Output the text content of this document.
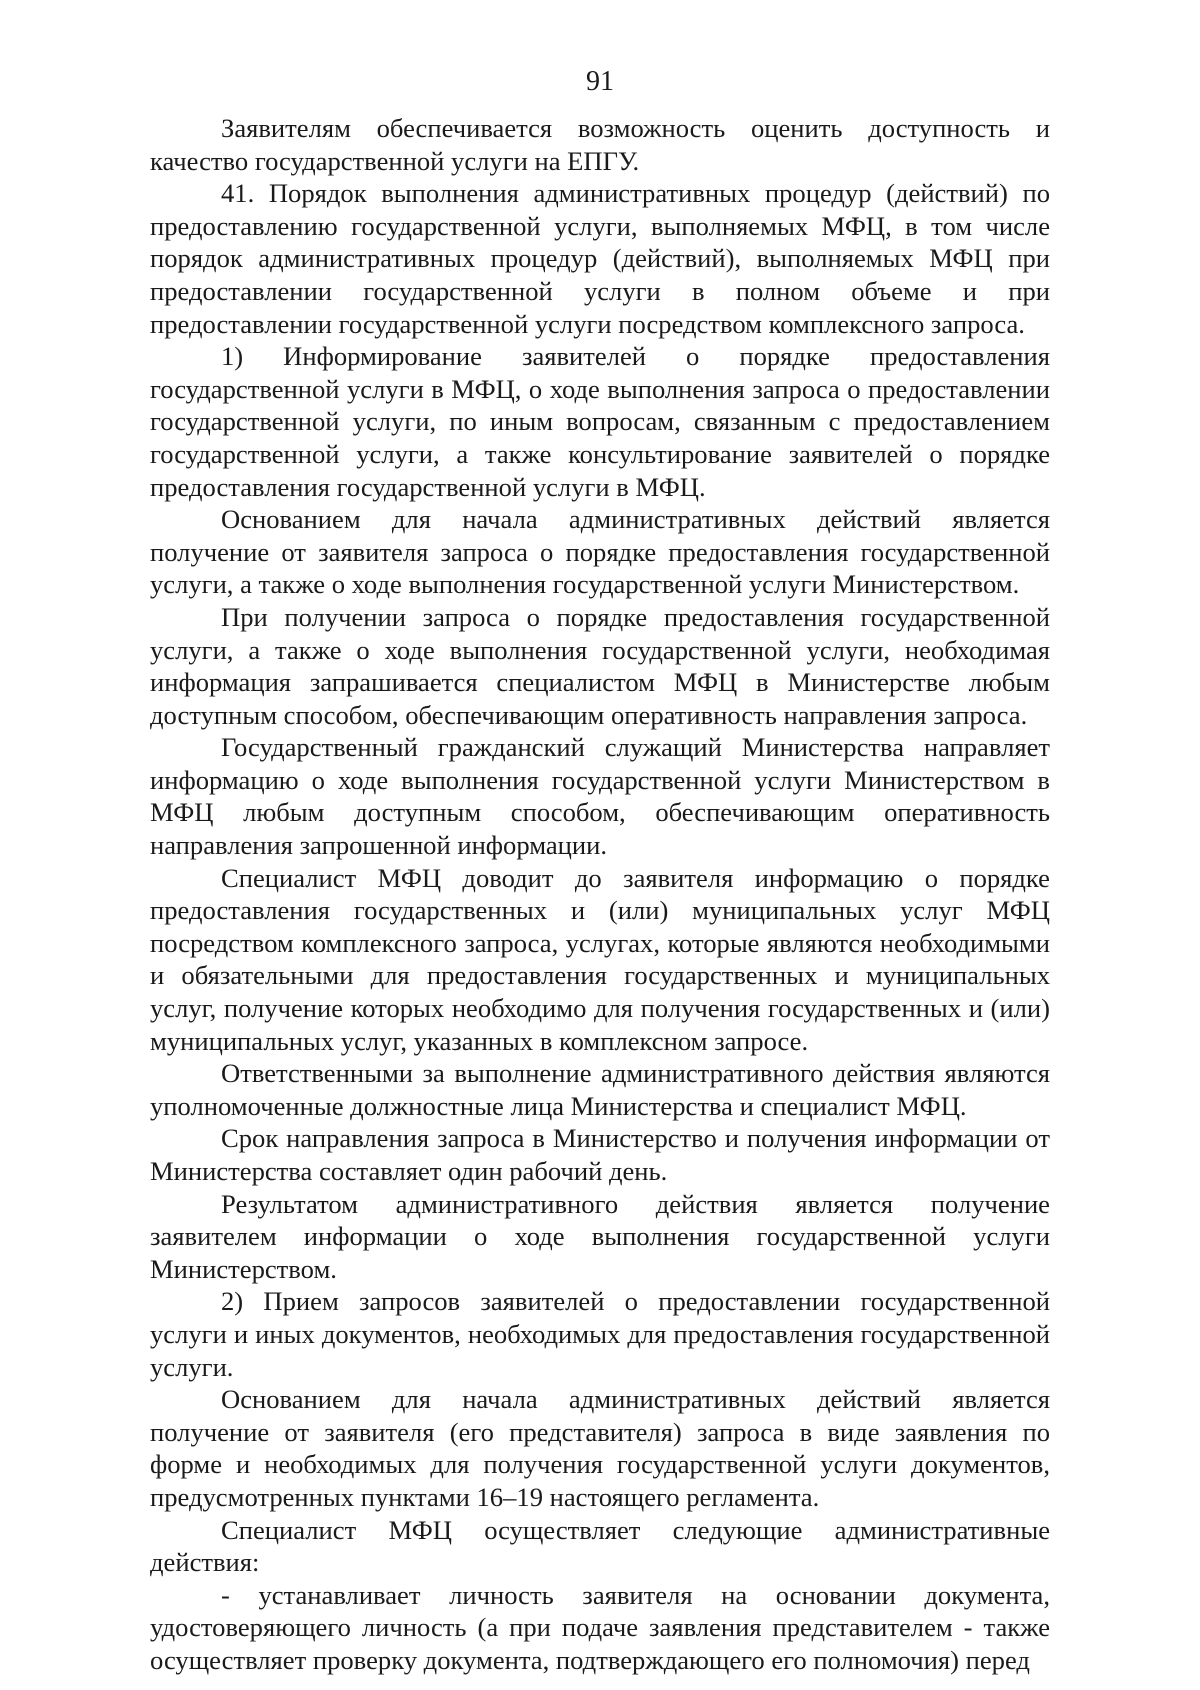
91

Заявителям обеспечивается возможность оценить доступность и качество государственной услуги на ЕПГУ.

41. Порядок выполнения административных процедур (действий) по предоставлению государственной услуги, выполняемых МФЦ, в том числе порядок административных процедур (действий), выполняемых МФЦ при предоставлении государственной услуги в полном объеме и при предоставлении государственной услуги посредством комплексного запроса.

1) Информирование заявителей о порядке предоставления государственной услуги в МФЦ, о ходе выполнения запроса о предоставлении государственной услуги, по иным вопросам, связанным с предоставлением государственной услуги, а также консультирование заявителей о порядке предоставления государственной услуги в МФЦ.

Основанием для начала административных действий является получение от заявителя запроса о порядке предоставления государственной услуги, а также о ходе выполнения государственной услуги Министерством.

При получении запроса о порядке предоставления государственной услуги, а также о ходе выполнения государственной услуги, необходимая информация запрашивается специалистом МФЦ в Министерстве любым доступным способом, обеспечивающим оперативность направления запроса.

Государственный гражданский служащий Министерства направляет информацию о ходе выполнения государственной услуги Министерством в МФЦ любым доступным способом, обеспечивающим оперативность направления запрошенной информации.

Специалист МФЦ доводит до заявителя информацию о порядке предоставления государственных и (или) муниципальных услуг МФЦ посредством комплексного запроса, услугах, которые являются необходимыми и обязательными для предоставления государственных и муниципальных услуг, получение которых необходимо для получения государственных и (или) муниципальных услуг, указанных в комплексном запросе.

Ответственными за выполнение административного действия являются уполномоченные должностные лица Министерства и специалист МФЦ.

Срок направления запроса в Министерство и получения информации от Министерства составляет один рабочий день.

Результатом административного действия является получение заявителем информации о ходе выполнения государственной услуги Министерством.

2) Прием запросов заявителей о предоставлении государственной услуги и иных документов, необходимых для предоставления государственной услуги.

Основанием для начала административных действий является получение от заявителя (его представителя) запроса в виде заявления по форме и необходимых для получения государственной услуги документов, предусмотренных пунктами 16–19 настоящего регламента.

Специалист МФЦ осуществляет следующие административные действия:

- устанавливает личность заявителя на основании документа, удостоверяющего личность (а при подаче заявления представителем - также осуществляет проверку документа, подтверждающего его полномочия) перед
